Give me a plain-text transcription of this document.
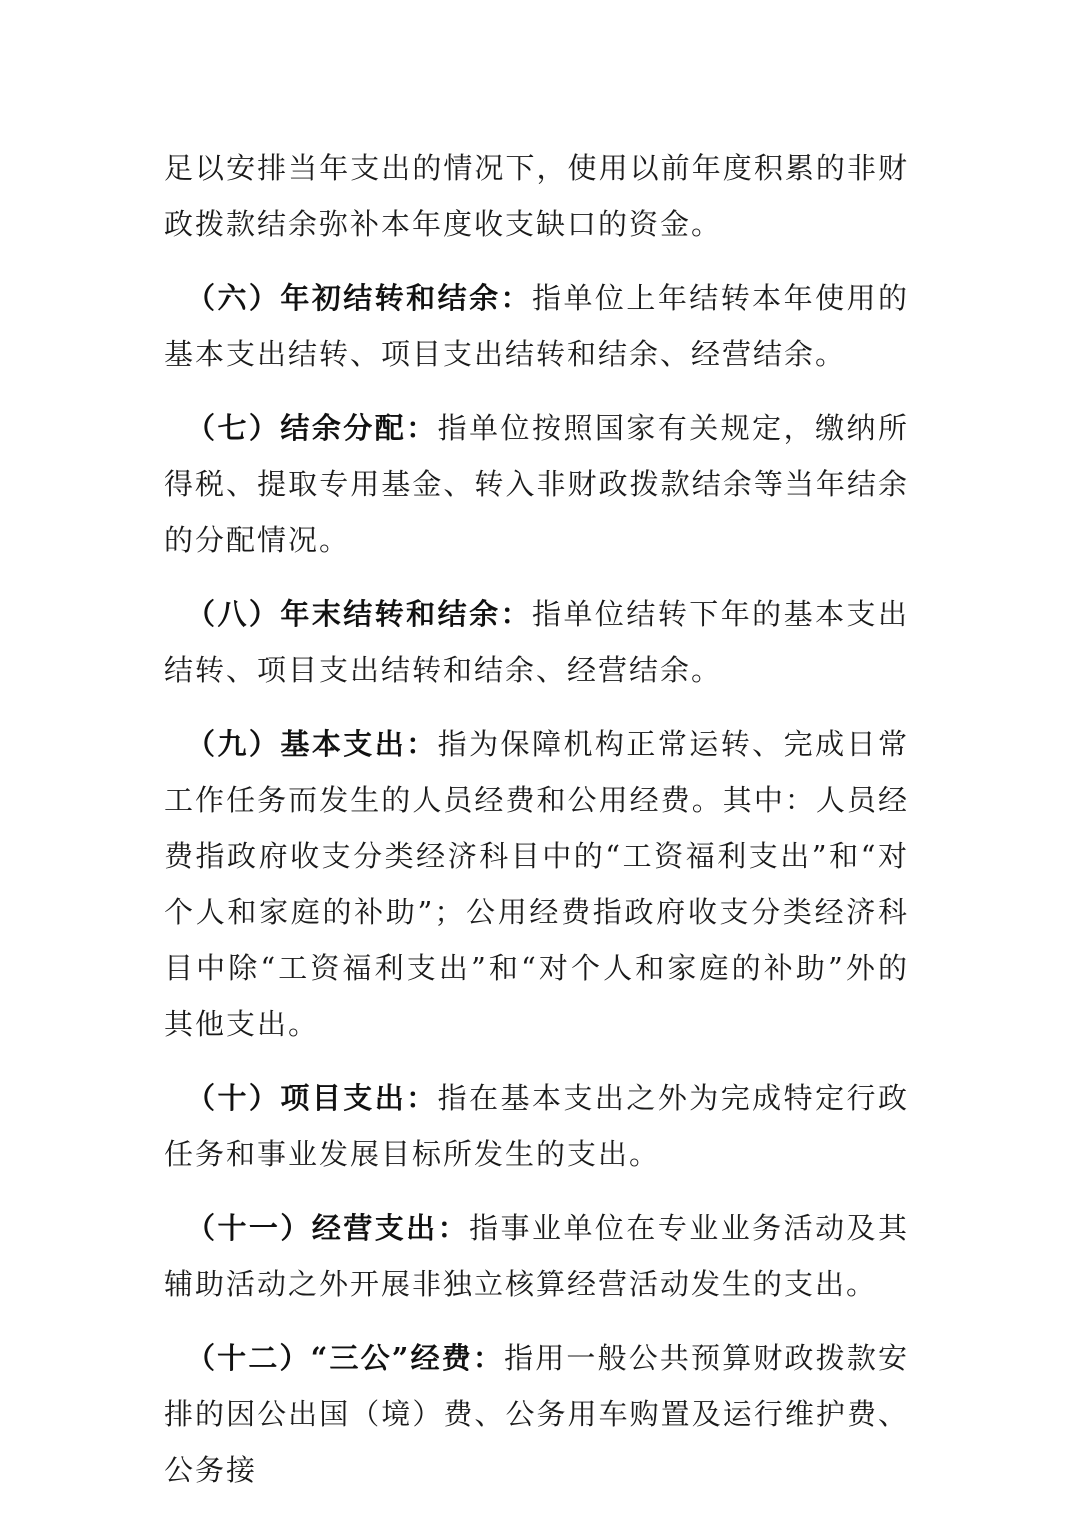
足以安排当年支出的情况下，使用以前年度积累的非财政拨款结余弥补本年度收支缺口的资金。

（六）年初结转和结余：指单位上年结转本年使用的基本支出结转、项目支出结转和结余、经营结余。

（七）结余分配：指单位按照国家有关规定，缴纳所得税、提取专用基金、转入非财政拨款结余等当年结余的分配情况。

（八）年末结转和结余：指单位结转下年的基本支出结转、项目支出结转和结余、经营结余。

（九）基本支出：指为保障机构正常运转、完成日常工作任务而发生的人员经费和公用经费。其中：人员经费指政府收支分类经济科目中的“工资福利支出”和“对个人和家庭的补助”；公用经费指政府收支分类经济科目中除“工资福利支出”和“对个人和家庭的补助”外的其他支出。

（十）项目支出：指在基本支出之外为完成特定行政任务和事业发展目标所发生的支出。

（十一）经营支出：指事业单位在专业业务活动及其辅助活动之外开展非独立核算经营活动发生的支出。

（十二）“三公”经费：指用一般公共预算财政拨款安排的因公出国（境）费、公务用车购置及运行维护费、公务接
